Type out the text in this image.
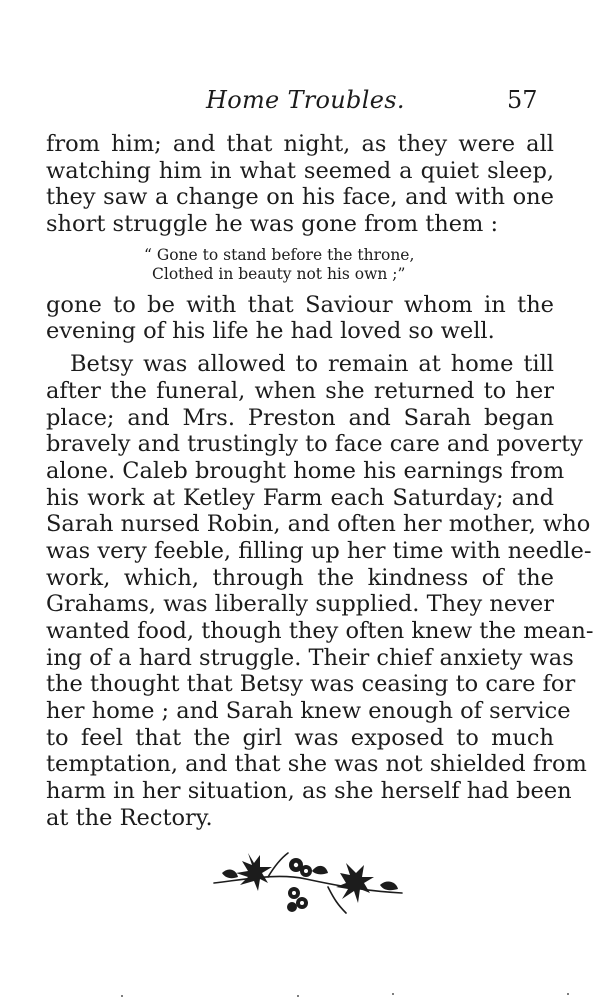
Home Troubles.	57
from him; and that night, as they were all
watching him in what seemed a quiet sleep,
they saw a change on his face, and with one
short struggle he was gone from them :
“ Gone to stand before the throne,
Clothed in beauty not his own ;”
gone to be with that Saviour whom in the
evening of his life he had loved so well.
Betsy was allowed to remain at home till
after the funeral, when she returned to her
place; and Mrs. Preston and Sarah began
bravely and trustingly to face care and poverty
alone. Caleb brought home his earnings from
his work at Ketley Farm each Saturday; and
Sarah nursed Robin, and often her mother, who
was very feeble, filling up her time with needle-
work, which, through the kindness of the
Grahams, was liberally supplied. They never
wanted food, though they often knew the mean-
ing of a hard struggle. Their chief anxiety was
the thought that Betsy was ceasing to care for
her home ; and Sarah knew enough of service
to feel that the girl was exposed to much
temptation, and that she was not shielded from
harm in her situation, as she herself had been
at the Rectory.
